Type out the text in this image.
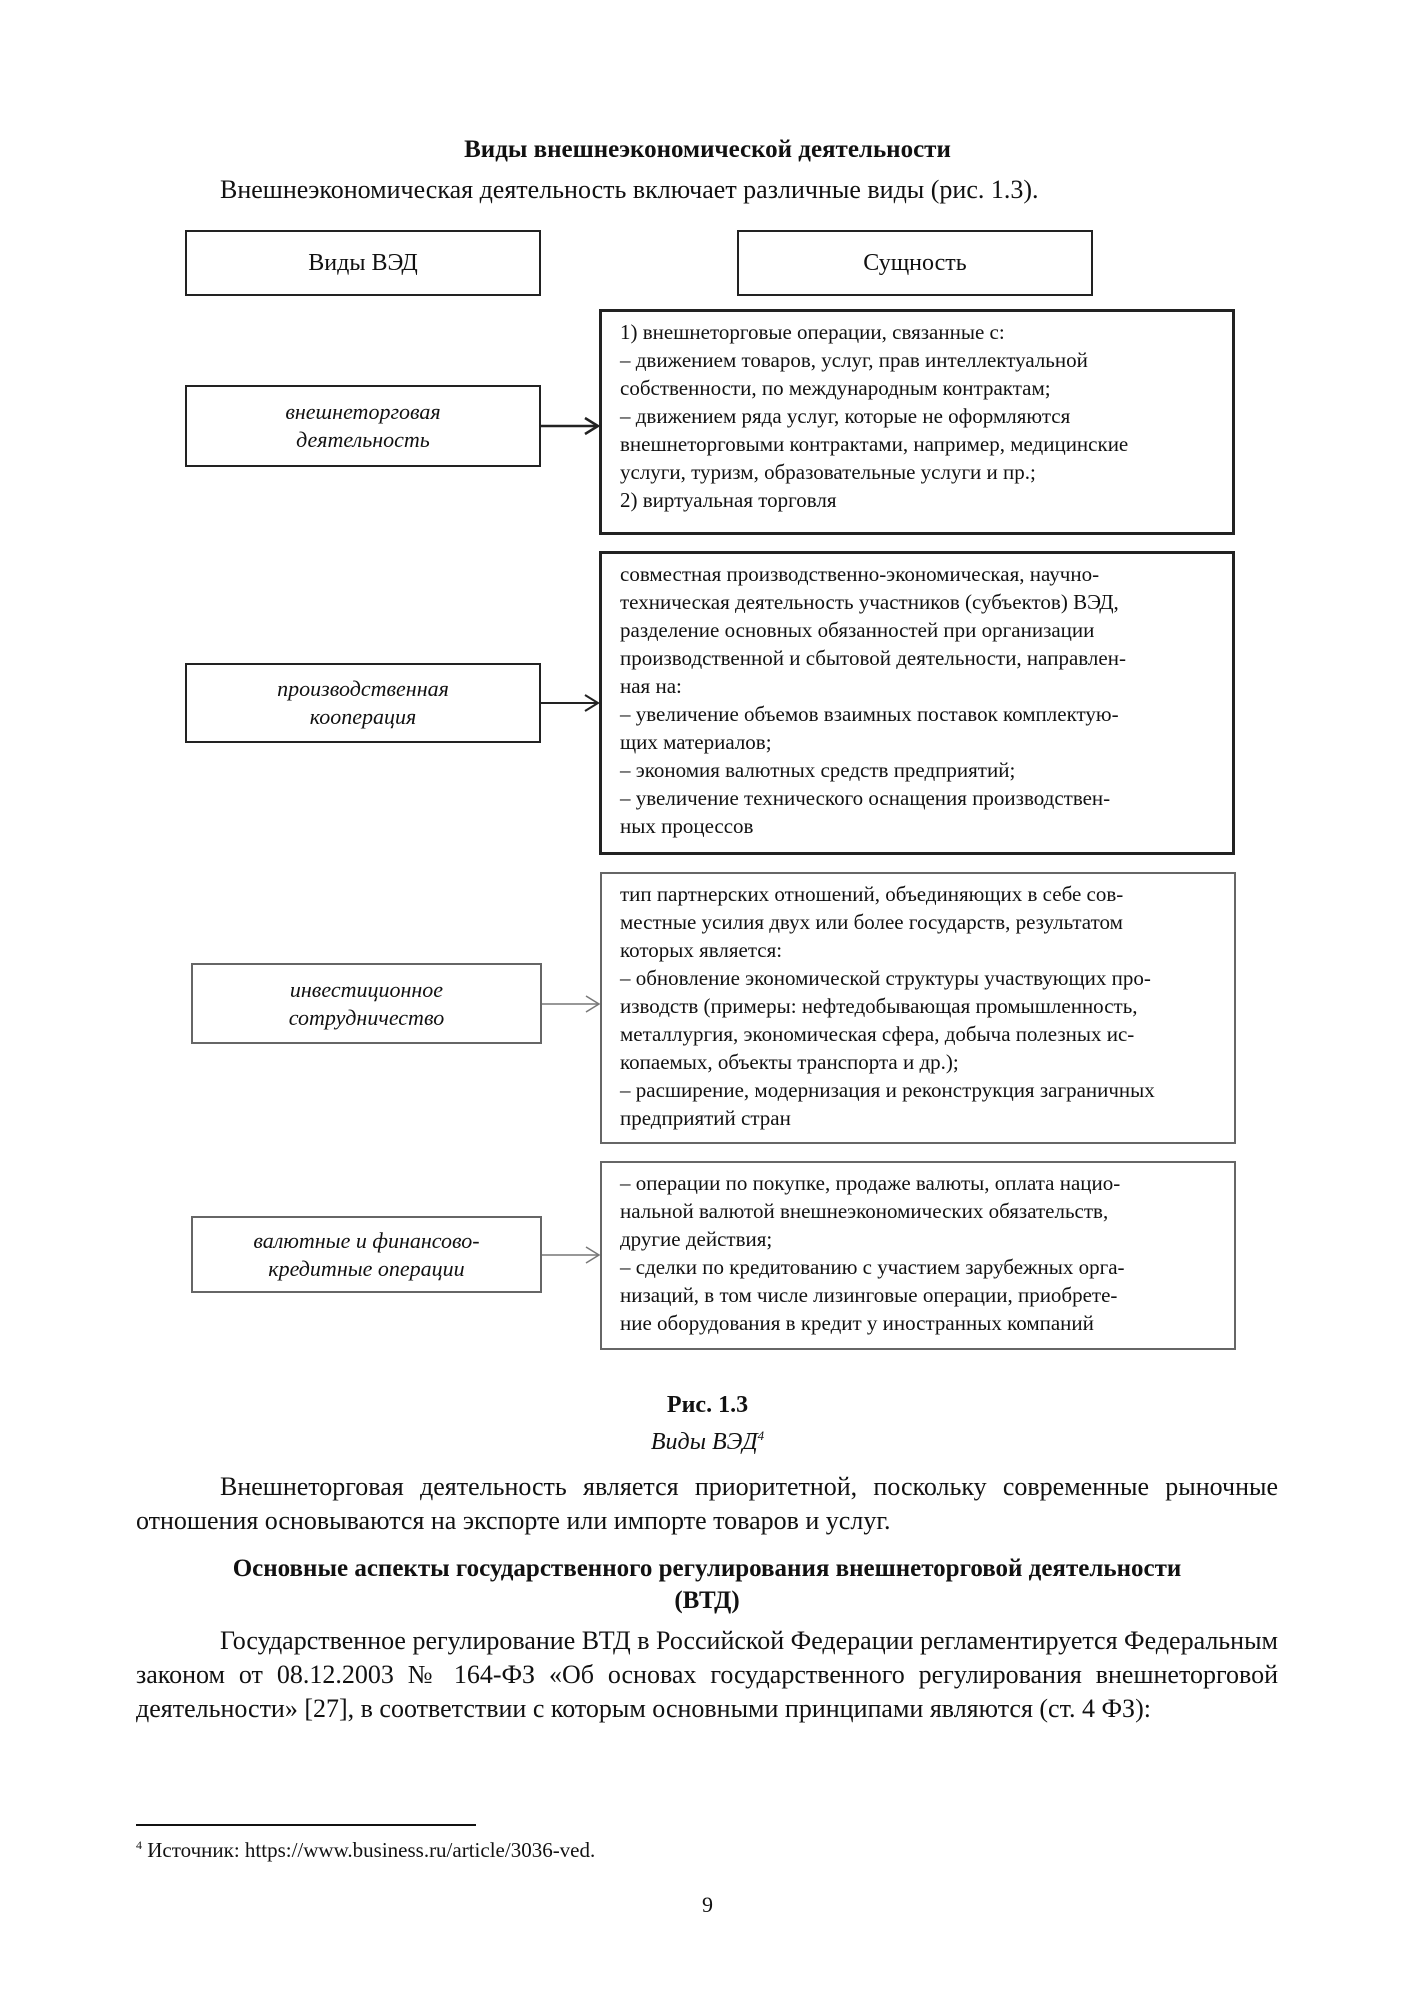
Виды внешнеэкономической деятельности
Внешнеэкономическая деятельность включает различные виды (рис. 1.3).
Виды ВЭД	Сущность
внешнеторговая
деятельность
1) внешнеторговые операции, связанные с:
– движением товаров, услуг, прав интеллектуальной
собственности, по международным контрактам;
– движением ряда услуг, которые не оформляются
внешнеторговыми контрактами, например, медицинские
услуги, туризм, образовательные услуги и пр.;
2) виртуальная торговля
производственная
кооперация
совместная производственно-экономическая, научно-
техническая деятельность участников (субъектов) ВЭД,
разделение основных обязанностей при организации
производственной и сбытовой деятельности, направлен-
ная на:
– увеличение объемов взаимных поставок комплектую-
щих материалов;
– экономия валютных средств предприятий;
– увеличение технического оснащения производствен-
ных процессов
инвестиционное
сотрудничество
тип партнерских отношений, объединяющих в себе сов-
местные усилия двух или более государств, результатом
которых является:
– обновление экономической структуры участвующих про-
изводств (примеры: нефтедобывающая промышленность,
металлургия, экономическая сфера, добыча полезных ис-
копаемых, объекты транспорта и др.);
– расширение, модернизация и реконструкция заграничных
предприятий стран
валютные и финансово-
кредитные операции
– операции по покупке, продаже валюты, оплата нацио-
нальной валютой внешнеэкономических обязательств,
другие действия;
– сделки по кредитованию с участием зарубежных орга-
низаций, в том числе лизинговые операции, приобрете-
ние оборудования в кредит у иностранных компаний
Рис. 1.3
Виды ВЭД$^4$
Внешнеторговая деятельность является приоритетной, поскольку современные рыночные отношения основываются на экспорте или импорте товаров и услуг.
Основные аспекты государственного регулирования внешнеторговой деятельности
(ВТД)
Государственное регулирование ВТД в Российской Федерации регламентируется Федеральным законом от 08.12.2003 № 164-ФЗ «Об основах государственного регулирования внешнеторговой деятельности» [27], в соответствии с которым основными принципами являются (ст. 4 ФЗ):
$^4$ Источник: https://www.business.ru/article/3036-ved.
9
